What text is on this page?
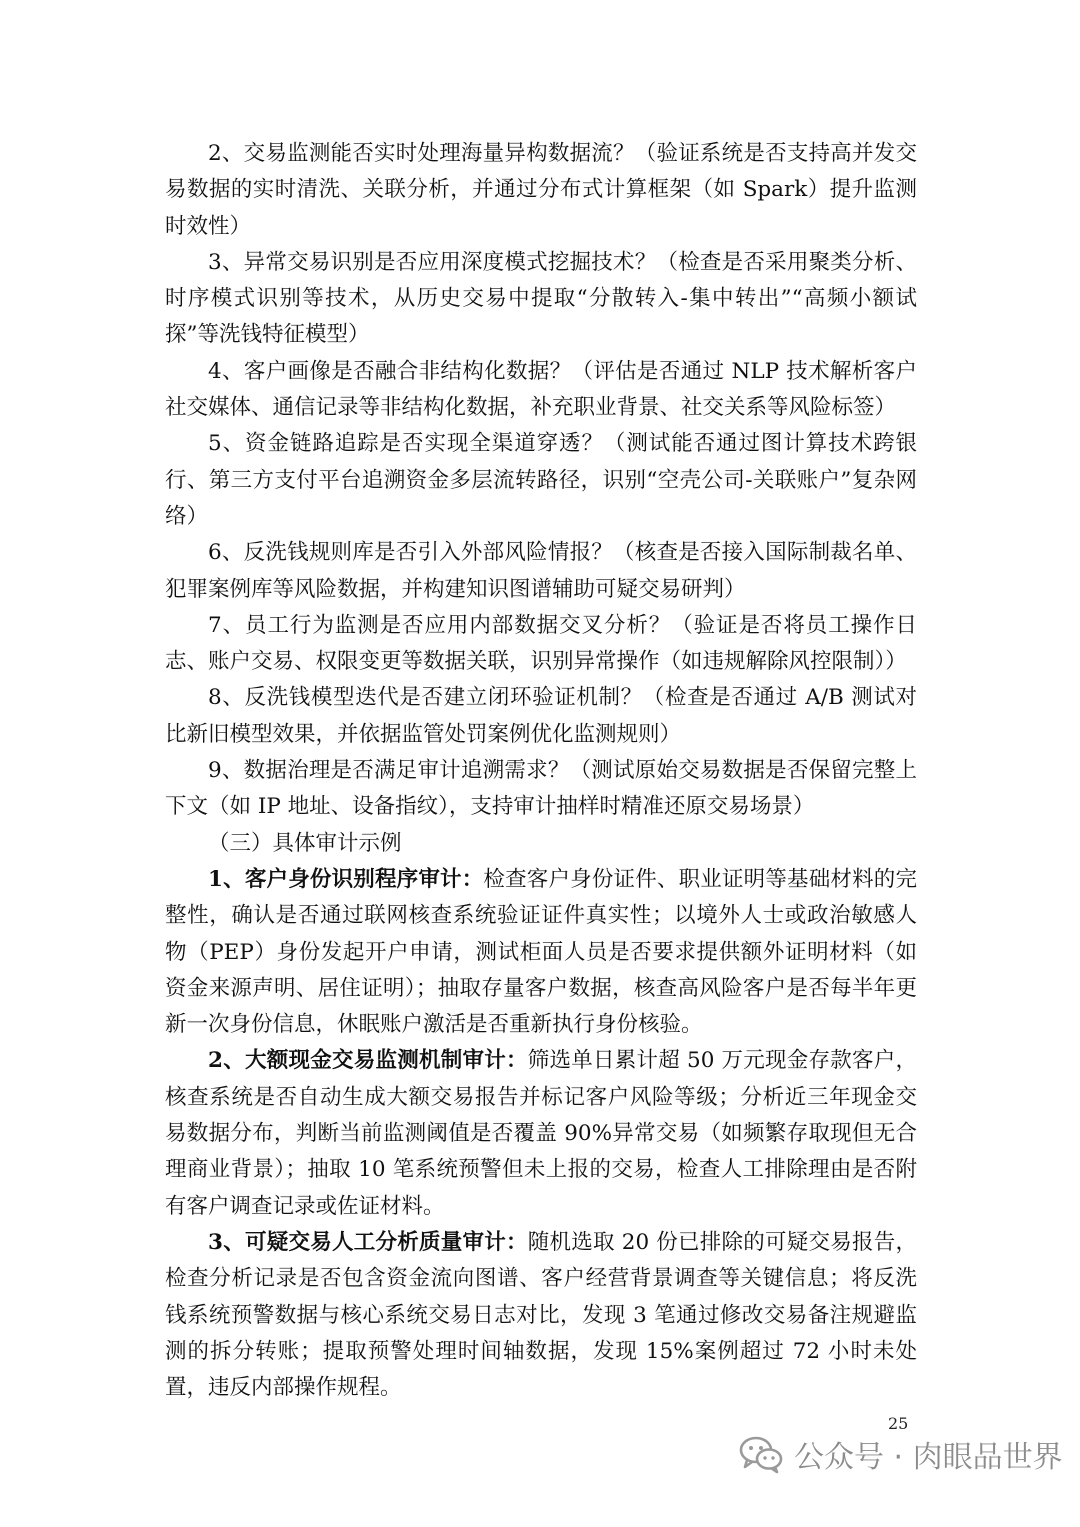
2、交易监测能否实时处理海量异构数据流？（验证系统是否支持高并发交易数据的实时清洗、关联分析，并通过分布式计算框架（如 Spark）提升监测时效性）

3、异常交易识别是否应用深度模式挖掘技术？（检查是否采用聚类分析、时序模式识别等技术，从历史交易中提取“分散转入-集中转出”“高频小额试探”等洗钱特征模型）

4、客户画像是否融合非结构化数据？（评估是否通过 NLP 技术解析客户社交媒体、通信记录等非结构化数据，补充职业背景、社交关系等风险标签）

5、资金链路追踪是否实现全渠道穿透？（测试能否通过图计算技术跨银行、第三方支付平台追溯资金多层流转路径，识别“空壳公司-关联账户”复杂网络）

6、反洗钱规则库是否引入外部风险情报？（核查是否接入国际制裁名单、犯罪案例库等风险数据，并构建知识图谱辅助可疑交易研判）

7、员工行为监测是否应用内部数据交叉分析？（验证是否将员工操作日志、账户交易、权限变更等数据关联，识别异常操作（如违规解除风控限制））

8、反洗钱模型迭代是否建立闭环验证机制？（检查是否通过 A/B 测试对比新旧模型效果，并依据监管处罚案例优化监测规则）

9、数据治理是否满足审计追溯需求？（测试原始交易数据是否保留完整上下文（如 IP 地址、设备指纹），支持审计抽样时精准还原交易场景）

（三）具体审计示例

1、客户身份识别程序审计：检查客户身份证件、职业证明等基础材料的完整性，确认是否通过联网核查系统验证证件真实性；以境外人士或政治敏感人物（PEP）身份发起开户申请，测试柜面人员是否要求提供额外证明材料（如资金来源声明、居住证明）；抽取存量客户数据，核查高风险客户是否每半年更新一次身份信息，休眠账户激活是否重新执行身份核验。

2、大额现金交易监测机制审计：筛选单日累计超 50 万元现金存款客户，核查系统是否自动生成大额交易报告并标记客户风险等级；分析近三年现金交易数据分布，判断当前监测阈值是否覆盖 90%异常交易（如频繁存取现但无合理商业背景）；抽取 10 笔系统预警但未上报的交易，检查人工排除理由是否附有客户调查记录或佐证材料。

3、可疑交易人工分析质量审计：随机选取 20 份已排除的可疑交易报告，检查分析记录是否包含资金流向图谱、客户经营背景调查等关键信息；将反洗钱系统预警数据与核心系统交易日志对比，发现 3 笔通过修改交易备注规避监测的拆分转账；提取预警处理时间轴数据，发现 15%案例超过 72 小时未处置，违反内部操作规程。

25
公众号 · 肉眼品世界
